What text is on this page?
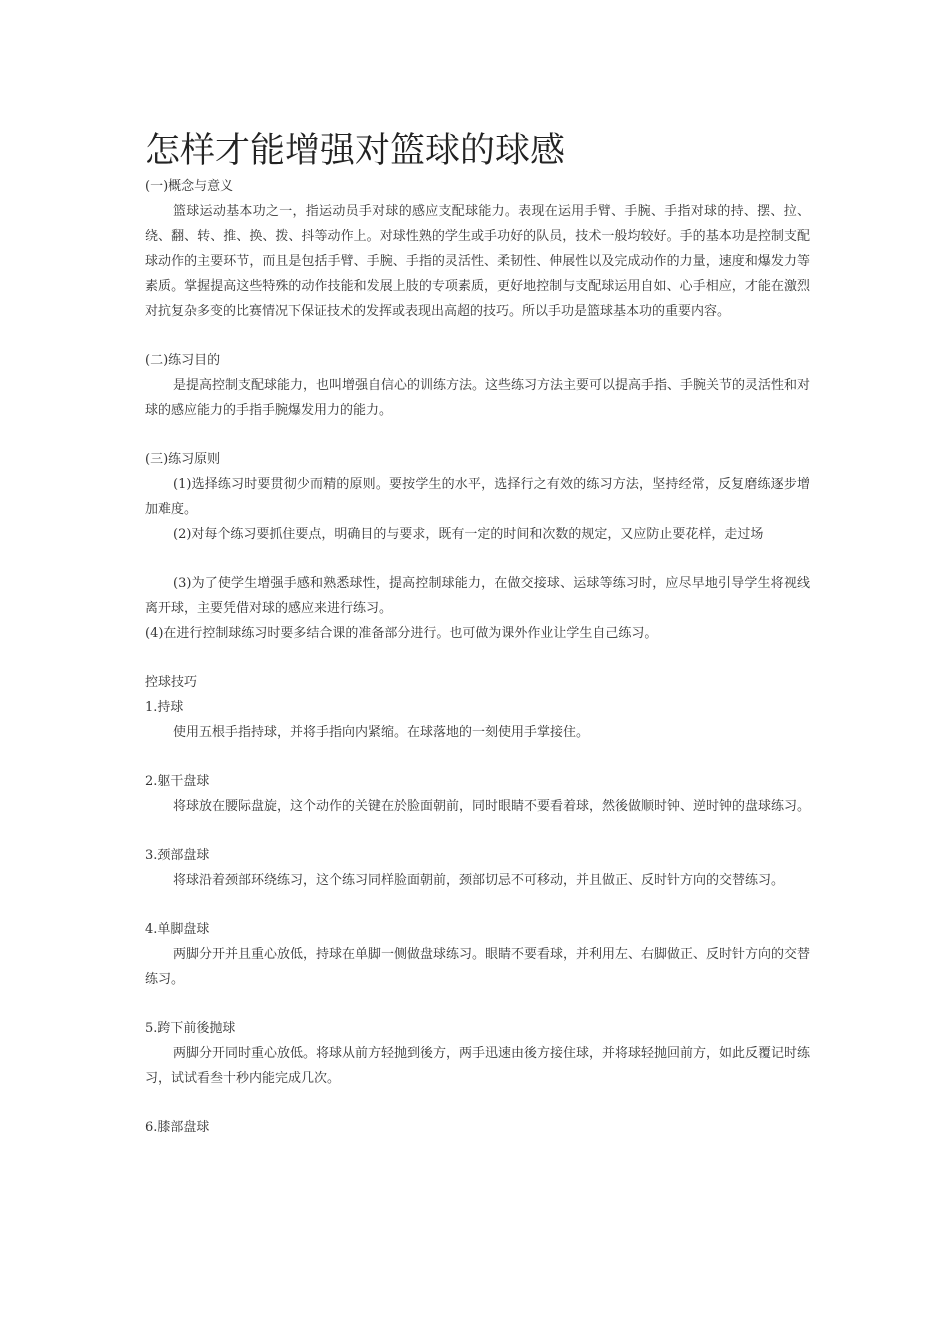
怎样才能增强对篮球的球感

(一)概念与意义

篮球运动基本功之一，指运动员手对球的感应支配球能力。表现在运用手臂、手腕、手指对球的持、摆、拉、绕、翻、转、推、换、拨、抖等动作上。对球性熟的学生或手功好的队员，技术一般均较好。手的基本功是控制支配球动作的主要环节，而且是包括手臂、手腕、手指的灵活性、柔韧性、伸展性以及完成动作的力量，速度和爆发力等素质。掌握提高这些特殊的动作技能和发展上肢的专项素质，更好地控制与支配球运用自如、心手相应，才能在激烈对抗复杂多变的比赛情况下保证技术的发挥或表现出高超的技巧。所以手功是篮球基本功的重要内容。

(二)练习目的

是提高控制支配球能力，也叫增强自信心的训练方法。这些练习方法主要可以提高手指、手腕关节的灵活性和对球的感应能力的手指手腕爆发用力的能力。

(三)练习原则

(1)选择练习时要贯彻少而精的原则。要按学生的水平，选择行之有效的练习方法，坚持经常，反复磨练逐步增加难度。

(2)对每个练习要抓住要点，明确目的与要求，既有一定的时间和次数的规定，又应防止要花样，走过场

(3)为了使学生增强手感和熟悉球性，提高控制球能力，在做交接球、运球等练习时，应尽早地引导学生将视线离开球，主要凭借对球的感应来进行练习。

(4)在进行控制球练习时要多结合课的准备部分进行。也可做为课外作业让学生自己练习。

控球技巧

1.持球

使用五根手指持球，并将手指向内紧缩。在球落地的一刻使用手掌接住。

2.躯干盘球

将球放在腰际盘旋，这个动作的关键在於脸面朝前，同时眼睛不要看着球，然後做顺时钟、逆时钟的盘球练习。

3.颈部盘球

将球沿着颈部环绕练习，这个练习同样脸面朝前，颈部切忌不可移动，并且做正、反时针方向的交替练习。

4.单脚盘球

两脚分开并且重心放低，持球在单脚一侧做盘球练习。眼睛不要看球，并利用左、右脚做正、反时针方向的交替练习。

5.跨下前後抛球

两脚分开同时重心放低。将球从前方轻抛到後方，两手迅速由後方接住球，并将球轻抛回前方，如此反覆记时练习，试试看叁十秒内能完成几次。

6.膝部盘球
